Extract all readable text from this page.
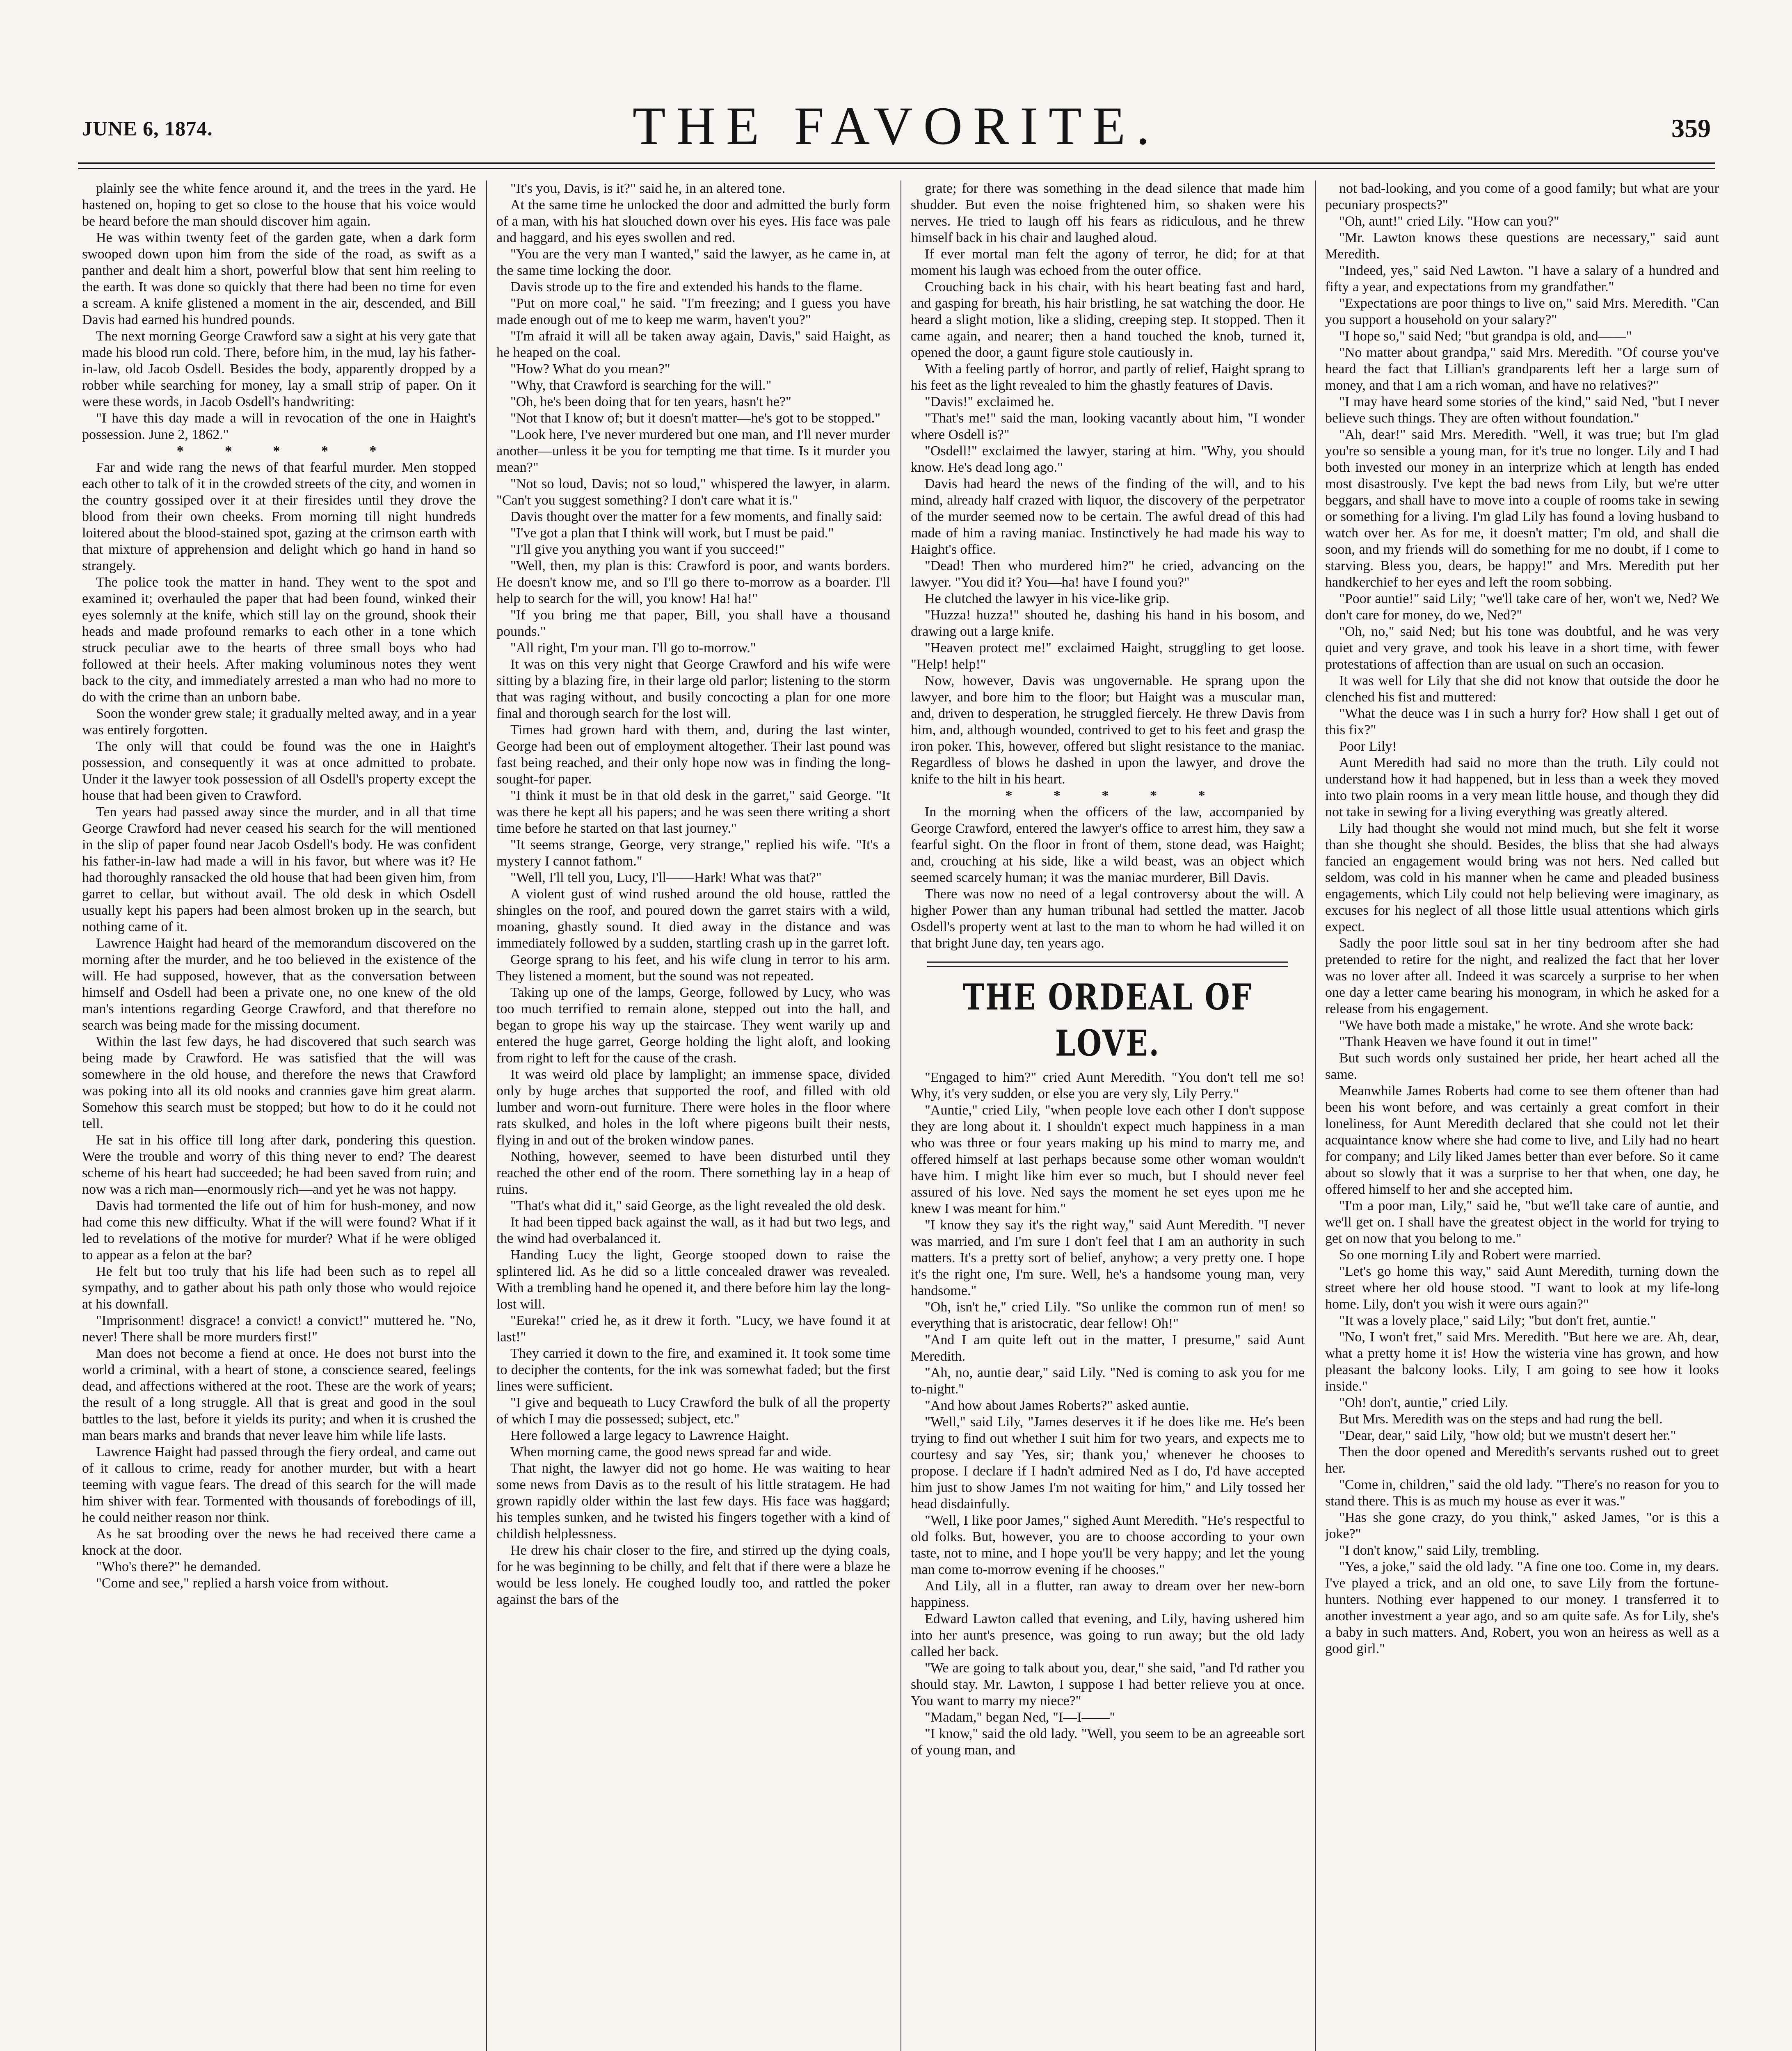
JUNE 6, 1874.	THE FAVORITE.	359

plainly see the white fence around it, and the trees in the yard. He hastened on, hoping to get so close to the house that his voice would be heard before the man should discover him again.

He was within twenty feet of the garden gate, when a dark form swooped down upon him from the side of the road, as swift as a panther and dealt him a short, powerful blow that sent him reeling to the earth. It was done so quickly that there had been no time for even a scream. A knife glistened a moment in the air, descended, and Bill Davis had earned his hundred pounds.

The next morning George Crawford saw a sight at his very gate that made his blood run cold. There, before him, in the mud, lay his father-in-law, old Jacob Osdell. Besides the body, apparently dropped by a robber while searching for money, lay a small strip of paper. On it were these words, in Jacob Osdell's handwriting:

"I have this day made a will in revocation of the one in Haight's possession. June 2, 1862."

* * * * *

Far and wide rang the news of that fearful murder. Men stopped each other to talk of it in the crowded streets of the city, and women in the country gossiped over it at their firesides until they drove the blood from their own cheeks. From morning till night hundreds loitered about the blood-stained spot, gazing at the crimson earth with that mixture of apprehension and delight which go hand in hand so strangely.

The police took the matter in hand. They went to the spot and examined it; overhauled the paper that had been found, winked their eyes solemnly at the knife, which still lay on the ground, shook their heads and made profound remarks to each other in a tone which struck peculiar awe to the hearts of three small boys who had followed at their heels. After making voluminous notes they went back to the city, and immediately arrested a man who had no more to do with the crime than an unborn babe.

Soon the wonder grew stale; it gradually melted away, and in a year was entirely forgotten.

The only will that could be found was the one in Haight's possession, and consequently it was at once admitted to probate. Under it the lawyer took possession of all Osdell's property except the house that had been given to Crawford.

Ten years had passed away since the murder, and in all that time George Crawford had never ceased his search for the will mentioned in the slip of paper found near Jacob Osdell's body. He was confident his father-in-law had made a will in his favor, but where was it? He had thoroughly ransacked the old house that had been given him, from garret to cellar, but without avail. The old desk in which Osdell usually kept his papers had been almost broken up in the search, but nothing came of it.

Lawrence Haight had heard of the memorandum discovered on the morning after the murder, and he too believed in the existence of the will. He had supposed, however, that as the conversation between himself and Osdell had been a private one, no one knew of the old man's intentions regarding George Crawford, and that therefore no search was being made for the missing document.

Within the last few days, he had discovered that such search was being made by Crawford. He was satisfied that the will was somewhere in the old house, and therefore the news that Crawford was poking into all its old nooks and crannies gave him great alarm. Somehow this search must be stopped; but how to do it he could not tell.

He sat in his office till long after dark, pondering this question. Were the trouble and worry of this thing never to end? The dearest scheme of his heart had succeeded; he had been saved from ruin; and now was a rich man—enormously rich—and yet he was not happy.

Davis had tormented the life out of him for hush-money, and now had come this new difficulty. What if the will were found? What if it led to revelations of the motive for murder? What if he were obliged to appear as a felon at the bar?

He felt but too truly that his life had been such as to repel all sympathy, and to gather about his path only those who would rejoice at his downfall.

"Imprisonment! disgrace! a convict! a convict!" muttered he. "No, never! There shall be more murders first!"

Man does not become a fiend at once. He does not burst into the world a criminal, with a heart of stone, a conscience seared, feelings dead, and affections withered at the root. These are the work of years; the result of a long struggle. All that is great and good in the soul battles to the last, before it yields its purity; and when it is crushed the man bears marks and brands that never leave him while life lasts.

Lawrence Haight had passed through the fiery ordeal, and came out of it callous to crime, ready for another murder, but with a heart teeming with vague fears. The dread of this search for the will made him shiver with fear. Tormented with thousands of forebodings of ill, he could neither reason nor think.

As he sat brooding over the news he had received there came a knock at the door.

"Who's there?" he demanded.

"Come and see," replied a harsh voice from without.

"It's you, Davis, is it?" said he, in an altered tone.

At the same time he unlocked the door and admitted the burly form of a man, with his hat slouched down over his eyes. His face was pale and haggard, and his eyes swollen and red.

"You are the very man I wanted," said the lawyer, as he came in, at the same time locking the door.

Davis strode up to the fire and extended his hands to the flame.

"Put on more coal," he said. "I'm freezing; and I guess you have made enough out of me to keep me warm, haven't you?"

"I'm afraid it will all be taken away again, Davis," said Haight, as he heaped on the coal.

"How? What do you mean?"

"Why, that Crawford is searching for the will."

"Oh, he's been doing that for ten years, hasn't he?"

"Not that I know of; but it doesn't matter—he's got to be stopped."

"Look here, I've never murdered but one man, and I'll never murder another—unless it be you for tempting me that time. Is it murder you mean?"

"Not so loud, Davis; not so loud," whispered the lawyer, in alarm. "Can't you suggest something? I don't care what it is."

Davis thought over the matter for a few moments, and finally said:

"I've got a plan that I think will work, but I must be paid."

"I'll give you anything you want if you succeed!"

"Well, then, my plan is this: Crawford is poor, and wants borders. He doesn't know me, and so I'll go there to-morrow as a boarder. I'll help to search for the will, you know! Ha! ha!"

"If you bring me that paper, Bill, you shall have a thousand pounds."

"All right, I'm your man. I'll go to-morrow."

It was on this very night that George Crawford and his wife were sitting by a blazing fire, in their large old parlor; listening to the storm that was raging without, and busily concocting a plan for one more final and thorough search for the lost will.

Times had grown hard with them, and, during the last winter, George had been out of employment altogether. Their last pound was fast being reached, and their only hope now was in finding the long-sought-for paper.

"I think it must be in that old desk in the garret," said George. "It was there he kept all his papers; and he was seen there writing a short time before he started on that last journey."

"It seems strange, George, very strange," replied his wife. "It's a mystery I cannot fathom."

"Well, I'll tell you, Lucy, I'll——Hark! What was that?"

A violent gust of wind rushed around the old house, rattled the shingles on the roof, and poured down the garret stairs with a wild, moaning, ghastly sound. It died away in the distance and was immediately followed by a sudden, startling crash up in the garret loft.

George sprang to his feet, and his wife clung in terror to his arm. They listened a moment, but the sound was not repeated.

Taking up one of the lamps, George, followed by Lucy, who was too much terrified to remain alone, stepped out into the hall, and began to grope his way up the staircase. They went warily up and entered the huge garret, George holding the light aloft, and looking from right to left for the cause of the crash.

It was weird old place by lamplight; an immense space, divided only by huge arches that supported the roof, and filled with old lumber and worn-out furniture. There were holes in the floor where rats skulked, and holes in the loft where pigeons built their nests, flying in and out of the broken window panes.

Nothing, however, seemed to have been disturbed until they reached the other end of the room. There something lay in a heap of ruins.

"That's what did it," said George, as the light revealed the old desk.

It had been tipped back against the wall, as it had but two legs, and the wind had overbalanced it.

Handing Lucy the light, George stooped down to raise the splintered lid. As he did so a little concealed drawer was revealed. With a trembling hand he opened it, and there before him lay the long-lost will.

"Eureka!" cried he, as it drew it forth. "Lucy, we have found it at last!"

They carried it down to the fire, and examined it. It took some time to decipher the contents, for the ink was somewhat faded; but the first lines were sufficient.

"I give and bequeath to Lucy Crawford the bulk of all the property of which I may die possessed; subject, etc."

Here followed a large legacy to Lawrence Haight.

When morning came, the good news spread far and wide.

That night, the lawyer did not go home. He was waiting to hear some news from Davis as to the result of his little stratagem. He had grown rapidly older within the last few days. His face was haggard; his temples sunken, and he twisted his fingers together with a kind of childish helplessness.

He drew his chair closer to the fire, and stirred up the dying coals, for he was beginning to be chilly, and felt that if there were a blaze he would be less lonely. He coughed loudly too, and rattled the poker against the bars of the

grate; for there was something in the dead silence that made him shudder. But even the noise frightened him, so shaken were his nerves. He tried to laugh off his fears as ridiculous, and he threw himself back in his chair and laughed aloud.

If ever mortal man felt the agony of terror, he did; for at that moment his laugh was echoed from the outer office.

Crouching back in his chair, with his heart beating fast and hard, and gasping for breath, his hair bristling, he sat watching the door. He heard a slight motion, like a sliding, creeping step. It stopped. Then it came again, and nearer; then a hand touched the knob, turned it, opened the door, a gaunt figure stole cautiously in.

With a feeling partly of horror, and partly of relief, Haight sprang to his feet as the light revealed to him the ghastly features of Davis.

"Davis!" exclaimed he.

"That's me!" said the man, looking vacantly about him, "I wonder where Osdell is?"

"Osdell!" exclaimed the lawyer, staring at him. "Why, you should know. He's dead long ago."

Davis had heard the news of the finding of the will, and to his mind, already half crazed with liquor, the discovery of the perpetrator of the murder seemed now to be certain. The awful dread of this had made of him a raving maniac. Instinctively he had made his way to Haight's office.

"Dead! Then who murdered him?" he cried, advancing on the lawyer. "You did it? You—ha! have I found you?"

He clutched the lawyer in his vice-like grip.

"Huzza! huzza!" shouted he, dashing his hand in his bosom, and drawing out a large knife.

"Heaven protect me!" exclaimed Haight, struggling to get loose. "Help! help!"

Now, however, Davis was ungovernable. He sprang upon the lawyer, and bore him to the floor; but Haight was a muscular man, and, driven to desperation, he struggled fiercely. He threw Davis from him, and, although wounded, contrived to get to his feet and grasp the iron poker. This, however, offered but slight resistance to the maniac. Regardless of blows he dashed in upon the lawyer, and drove the knife to the hilt in his heart.

* * * * *

In the morning when the officers of the law, accompanied by George Crawford, entered the lawyer's office to arrest him, they saw a fearful sight. On the floor in front of them, stone dead, was Haight; and, crouching at his side, like a wild beast, was an object which seemed scarcely human; it was the maniac murderer, Bill Davis.

There was now no need of a legal controversy about the will. A higher Power than any human tribunal had settled the matter. Jacob Osdell's property went at last to the man to whom he had willed it on that bright June day, ten years ago.

THE ORDEAL OF LOVE.

"Engaged to him?" cried Aunt Meredith. "You don't tell me so! Why, it's very sudden, or else you are very sly, Lily Perry."

"Auntie," cried Lily, "when people love each other I don't suppose they are long about it. I shouldn't expect much happiness in a man who was three or four years making up his mind to marry me, and offered himself at last perhaps because some other woman wouldn't have him. I might like him ever so much, but I should never feel assured of his love. Ned says the moment he set eyes upon me he knew I was meant for him."

"I know they say it's the right way," said Aunt Meredith. "I never was married, and I'm sure I don't feel that I am an authority in such matters. It's a pretty sort of belief, anyhow; a very pretty one. I hope it's the right one, I'm sure. Well, he's a handsome young man, very handsome."

"Oh, isn't he," cried Lily. "So unlike the common run of men! so everything that is aristocratic, dear fellow! Oh!"

"And I am quite left out in the matter, I presume," said Aunt Meredith.

"Ah, no, auntie dear," said Lily. "Ned is coming to ask you for me to-night."

"And how about James Roberts?" asked auntie.

"Well," said Lily, "James deserves it if he does like me. He's been trying to find out whether I suit him for two years, and expects me to courtesy and say 'Yes, sir; thank you,' whenever he chooses to propose. I declare if I hadn't admired Ned as I do, I'd have accepted him just to show James I'm not waiting for him," and Lily tossed her head disdainfully.

"Well, I like poor James," sighed Aunt Meredith. "He's respectful to old folks. But, however, you are to choose according to your own taste, not to mine, and I hope you'll be very happy; and let the young man come to-morrow evening if he chooses."

And Lily, all in a flutter, ran away to dream over her new-born happiness.

Edward Lawton called that evening, and Lily, having ushered him into her aunt's presence, was going to run away; but the old lady called her back.

"We are going to talk about you, dear," she said, "and I'd rather you should stay. Mr. Lawton, I suppose I had better relieve you at once. You want to marry my niece?"

"Madam," began Ned, "I—I——"

"I know," said the old lady. "Well, you seem to be an agreeable sort of young man, and

not bad-looking, and you come of a good family; but what are your pecuniary prospects?"

"Oh, aunt!" cried Lily. "How can you?"

"Mr. Lawton knows these questions are necessary," said aunt Meredith.

"Indeed, yes," said Ned Lawton. "I have a salary of a hundred and fifty a year, and expectations from my grandfather."

"Expectations are poor things to live on," said Mrs. Meredith. "Can you support a household on your salary?"

"I hope so," said Ned; "but grandpa is old, and——"

"No matter about grandpa," said Mrs. Meredith. "Of course you've heard the fact that Lillian's grandparents left her a large sum of money, and that I am a rich woman, and have no relatives?"

"I may have heard some stories of the kind," said Ned, "but I never believe such things. They are often without foundation."

"Ah, dear!" said Mrs. Meredith. "Well, it was true; but I'm glad you're so sensible a young man, for it's true no longer. Lily and I had both invested our money in an interprize which at length has ended most disastrously. I've kept the bad news from Lily, but we're utter beggars, and shall have to move into a couple of rooms take in sewing or something for a living. I'm glad Lily has found a loving husband to watch over her. As for me, it doesn't matter; I'm old, and shall die soon, and my friends will do something for me no doubt, if I come to starving. Bless you, dears, be happy!" and Mrs. Meredith put her handkerchief to her eyes and left the room sobbing.

"Poor auntie!" said Lily; "we'll take care of her, won't we, Ned? We don't care for money, do we, Ned?"

"Oh, no," said Ned; but his tone was doubtful, and he was very quiet and very grave, and took his leave in a short time, with fewer protestations of affection than are usual on such an occasion.

It was well for Lily that she did not know that outside the door he clenched his fist and muttered:

"What the deuce was I in such a hurry for? How shall I get out of this fix?"

Poor Lily!

Aunt Meredith had said no more than the truth. Lily could not understand how it had happened, but in less than a week they moved into two plain rooms in a very mean little house, and though they did not take in sewing for a living everything was greatly altered.

Lily had thought she would not mind much, but she felt it worse than she thought she should. Besides, the bliss that she had always fancied an engagement would bring was not hers. Ned called but seldom, was cold in his manner when he came and pleaded business engagements, which Lily could not help believing were imaginary, as excuses for his neglect of all those little usual attentions which girls expect.

Sadly the poor little soul sat in her tiny bedroom after she had pretended to retire for the night, and realized the fact that her lover was no lover after all. Indeed it was scarcely a surprise to her when one day a letter came bearing his monogram, in which he asked for a release from his engagement.

"We have both made a mistake," he wrote. And she wrote back:

"Thank Heaven we have found it out in time!"

But such words only sustained her pride, her heart ached all the same.

Meanwhile James Roberts had come to see them oftener than had been his wont before, and was certainly a great comfort in their loneliness, for Aunt Meredith declared that she could not let their acquaintance know where she had come to live, and Lily had no heart for company; and Lily liked James better than ever before. So it came about so slowly that it was a surprise to her that when, one day, he offered himself to her and she accepted him.

"I'm a poor man, Lily," said he, "but we'll take care of auntie, and we'll get on. I shall have the greatest object in the world for trying to get on now that you belong to me."

So one morning Lily and Robert were married.

"Let's go home this way," said Aunt Meredith, turning down the street where her old house stood. "I want to look at my life-long home. Lily, don't you wish it were ours again?"

"It was a lovely place," said Lily; "but don't fret, auntie."

"No, I won't fret," said Mrs. Meredith. "But here we are. Ah, dear, what a pretty home it is! How the wisteria vine has grown, and how pleasant the balcony looks. Lily, I am going to see how it looks inside."

"Oh! don't, auntie," cried Lily.

But Mrs. Meredith was on the steps and had rung the bell.

"Dear, dear," said Lily, "how old; but we mustn't desert her."

Then the door opened and Meredith's servants rushed out to greet her.

"Come in, children," said the old lady. "There's no reason for you to stand there. This is as much my house as ever it was."

"Has she gone crazy, do you think," asked James, "or is this a joke?"

"I don't know," said Lily, trembling.

"Yes, a joke," said the old lady. "A fine one too. Come in, my dears. I've played a trick, and an old one, to save Lily from the fortune-hunters. Nothing ever happened to our money. I transferred it to another investment a year ago, and so am quite safe. As for Lily, she's a baby in such matters. And, Robert, you won an heiress as well as a good girl."
